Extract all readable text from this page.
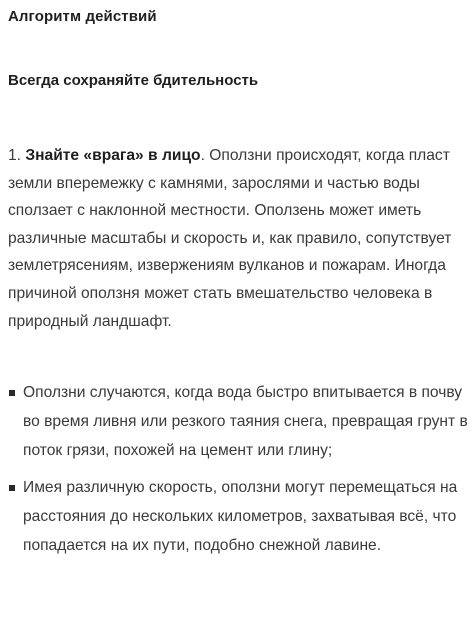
Алгоритм действий
Всегда сохраняйте бдительность
1. Знайте «врага» в лицо. Оползни происходят, когда пласт земли вперемежку с камнями, зарослями и частью воды сползает с наклонной местности. Оползень может иметь различные масштабы и скорость и, как правило, сопутствует землетрясениям, извержениям вулканов и пожарам. Иногда причиной оползня может стать вмешательство человека в природный ландшафт.
Оползни случаются, когда вода быстро впитывается в почву во время ливня или резкого таяния снега, превращая грунт в поток грязи, похожей на цемент или глину;
Имея различную скорость, оползни могут перемещаться на расстояния до нескольких километров, захватывая всё, что попадается на их пути, подобно снежной лавине.
